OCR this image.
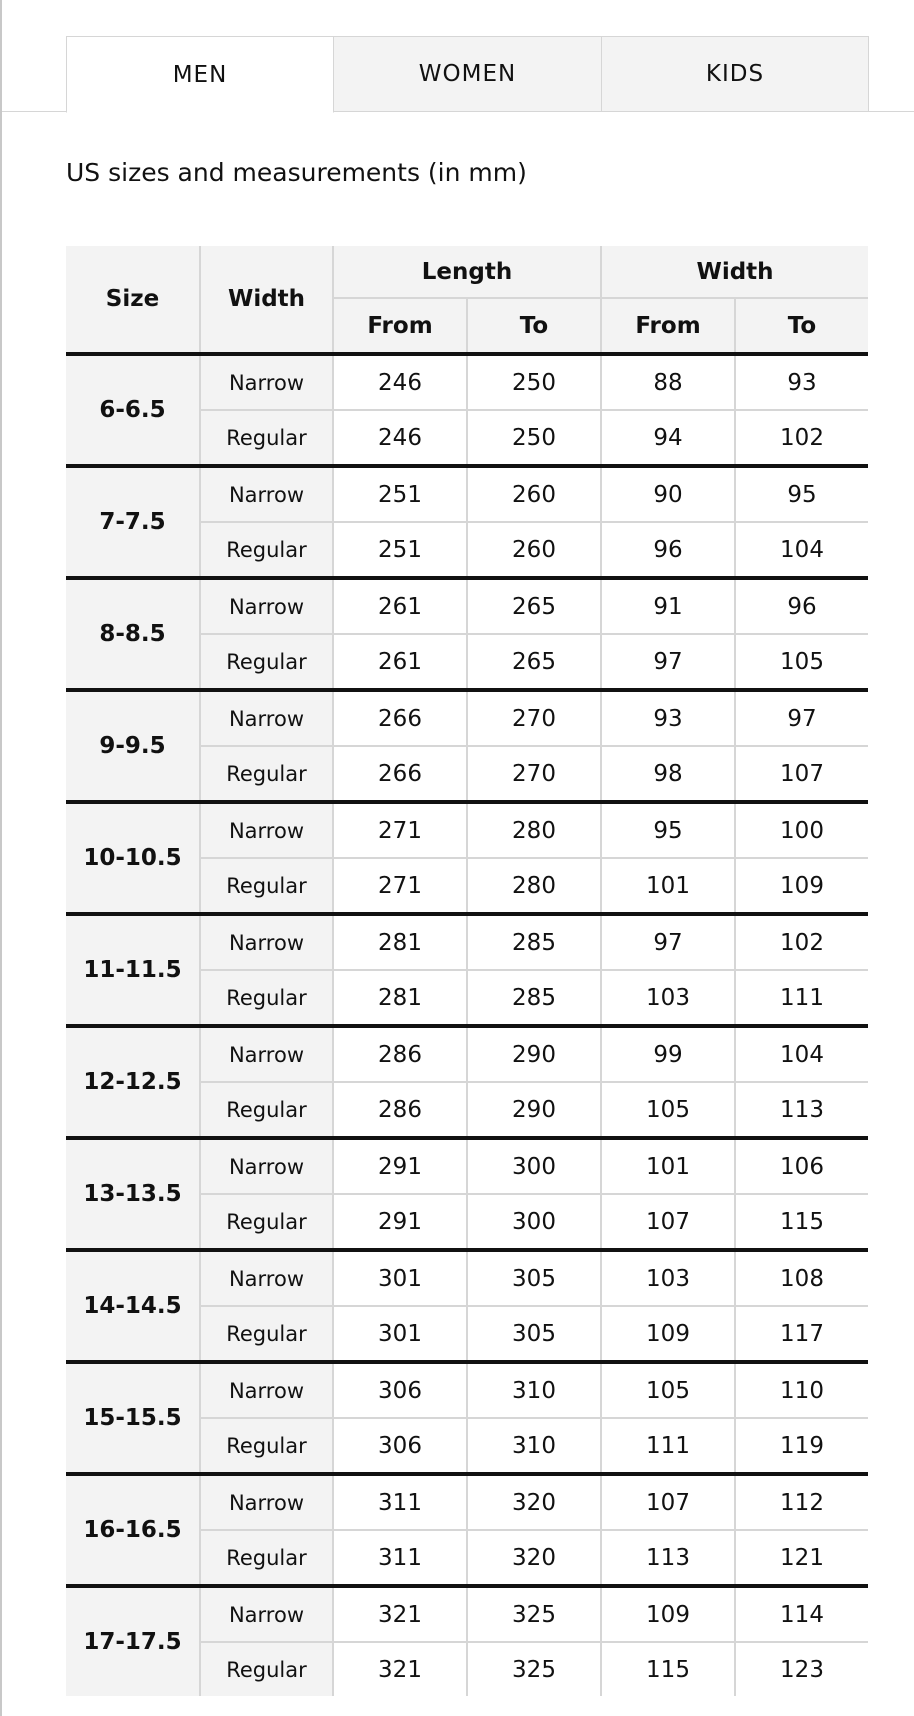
MEN	WOMEN	KIDS
US sizes and measurements (in mm)
Size	Width	Length		Width	
		From	To	From	To
6-6.5	Narrow	246	250	88	93
	Regular	246	250	94	102
7-7.5	Narrow	251	260	90	95
	Regular	251	260	96	104
8-8.5	Narrow	261	265	91	96
	Regular	261	265	97	105
9-9.5	Narrow	266	270	93	97
	Regular	266	270	98	107
10-10.5	Narrow	271	280	95	100
	Regular	271	280	101	109
11-11.5	Narrow	281	285	97	102
	Regular	281	285	103	111
12-12.5	Narrow	286	290	99	104
	Regular	286	290	105	113
13-13.5	Narrow	291	300	101	106
	Regular	291	300	107	115
14-14.5	Narrow	301	305	103	108
	Regular	301	305	109	117
15-15.5	Narrow	306	310	105	110
	Regular	306	310	111	119
16-16.5	Narrow	311	320	107	112
	Regular	311	320	113	121
17-17.5	Narrow	321	325	109	114
	Regular	321	325	115	123
